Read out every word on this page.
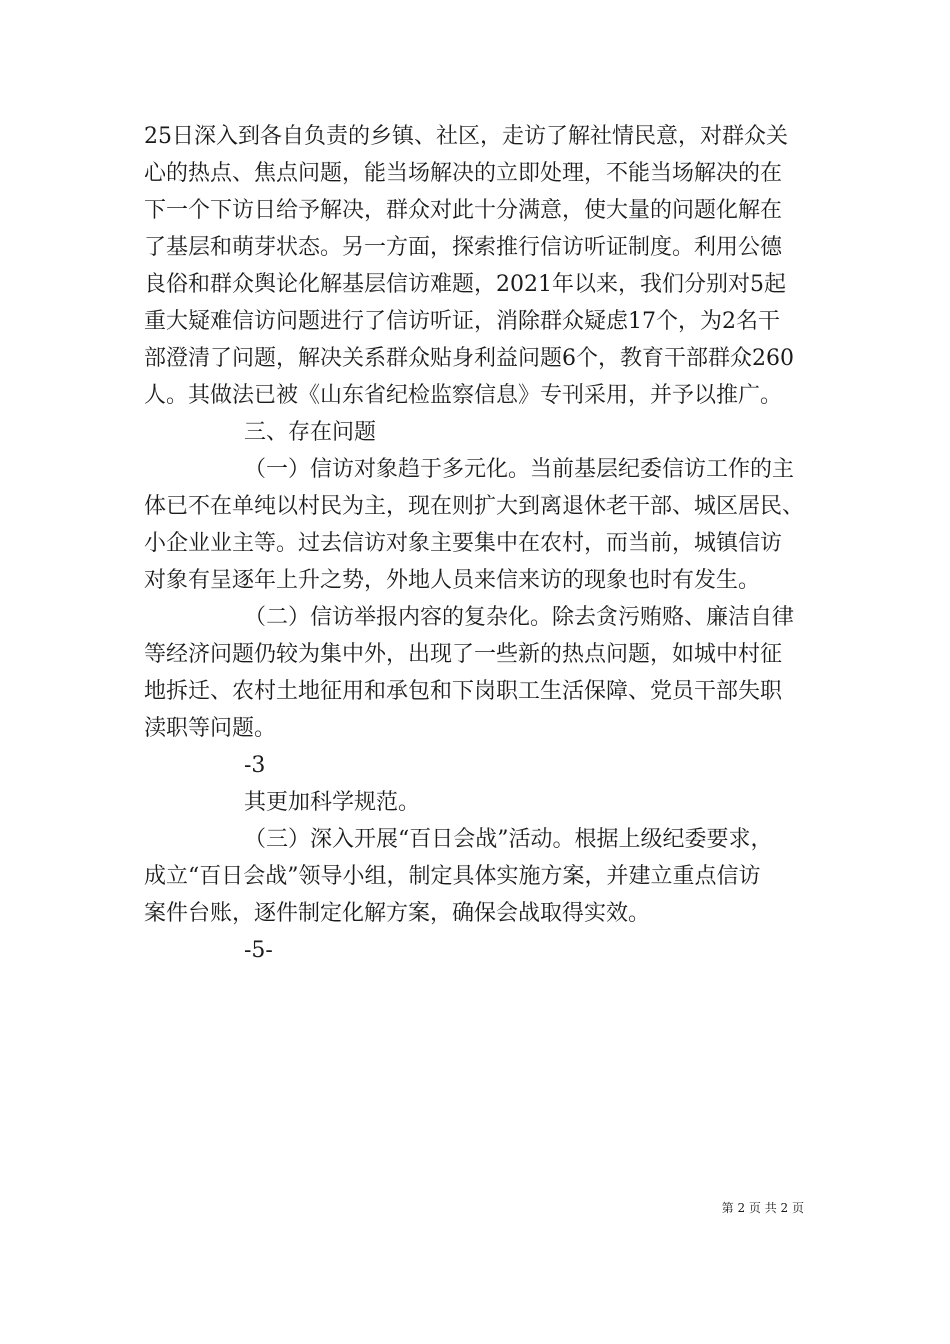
25日深入到各自负责的乡镇、社区，走访了解社情民意，对群众关
心的热点、焦点问题，能当场解决的立即处理，不能当场解决的在
下一个下访日给予解决，群众对此十分满意，使大量的问题化解在
了基层和萌芽状态。另一方面，探索推行信访听证制度。利用公德
良俗和群众舆论化解基层信访难题，2021年以来，我们分别对5起
重大疑难信访问题进行了信访听证，消除群众疑虑17个，为2名干
部澄清了问题，解决关系群众贴身利益问题6个，教育干部群众260
人。其做法已被《山东省纪检监察信息》专刊采用，并予以推广。
三、存在问题
（一）信访对象趋于多元化。当前基层纪委信访工作的主
体已不在单纯以村民为主，现在则扩大到离退休老干部、城区居民、
小企业业主等。过去信访对象主要集中在农村，而当前，城镇信访
对象有呈逐年上升之势，外地人员来信来访的现象也时有发生。
（二）信访举报内容的复杂化。除去贪污贿赂、廉洁自律
等经济问题仍较为集中外，出现了一些新的热点问题，如城中村征
地拆迁、农村土地征用和承包和下岗职工生活保障、党员干部失职
渎职等问题。
-3
其更加科学规范。
（三）深入开展“百日会战”活动。根据上级纪委要求，
成立“百日会战”领导小组，制定具体实施方案，并建立重点信访
案件台账，逐件制定化解方案，确保会战取得实效。
-5-
第 2 页 共 2 页
